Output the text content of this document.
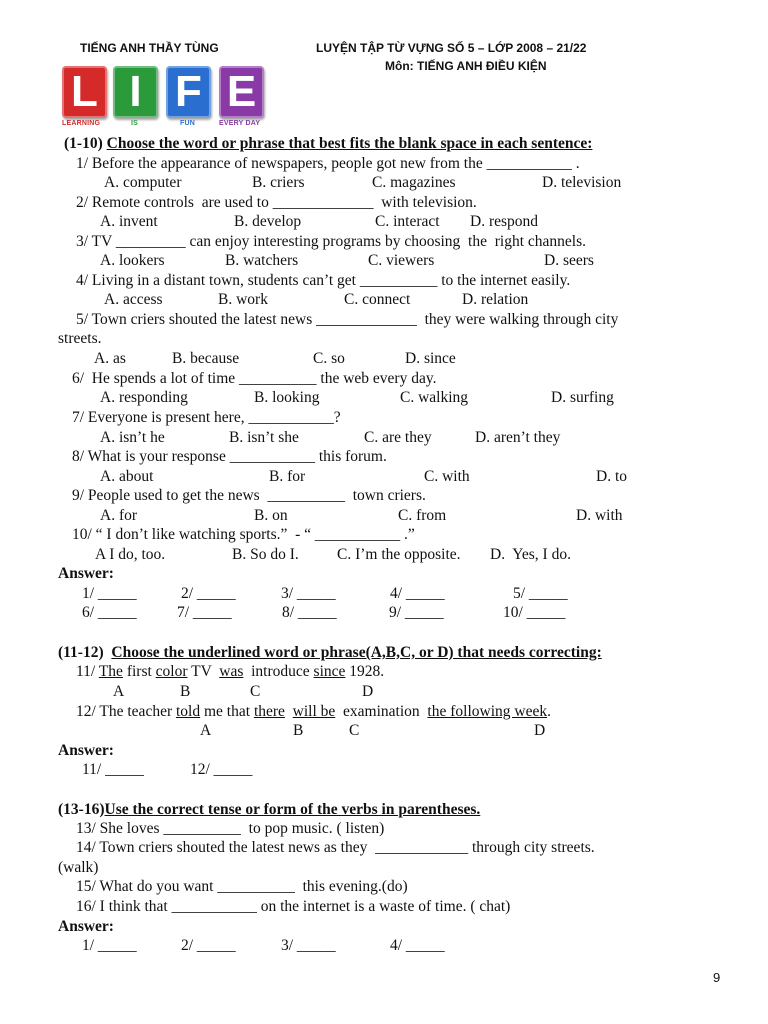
TIẾNG ANH THẦY TÙNG	LUYỆN TẬP TỪ VỰNG SỐ 5 – LỚP 2008 – 21/22
Môn: TIẾNG ANH ĐIỀU KIỆN
L I F E
LEARNING	IS	FUN	EVERY DAY
(1-10) Choose the word or phrase that best fits the blank space in each sentence:
1/ Before the appearance of newspapers, people got new from the ___________ .
A. computer	B. criers	C. magazines	D. television
2/ Remote controls  are used to _____________  with television.
A. invent	B. develop	C. interact D. respond
3/ TV _________ can enjoy interesting programs by choosing  the  right channels.
A. lookers	B. watchers	C. viewers	D. seers
4/ Living in a distant town, students can’t get __________ to the internet easily.
A. access	B. work	C. connect	D. relation
5/ Town criers shouted the latest news _____________  they were walking through city
streets.
A. as	B. because	C. so	D. since
6/  He spends a lot of time __________ the web every day.
A. responding	B. looking	C. walking	D. surfing
7/ Everyone is present here, ___________?
A. isn’t he	B. isn’t she	C. are they	D. aren’t they
8/ What is your response ___________ this forum.
A. about	B. for	C. with	D. to
9/ People used to get the news  __________  town criers.
A. for	B. on	C. from	D. with
10/ “ I don’t like watching sports.”  - “ ___________ .”
A I do, too.	B. So do I. C. I’m the opposite. D.  Yes, I do.
Answer:
1/ _____	2/ _____	3/ _____	4/ _____	5/ _____
6/ _____	7/ _____	8/ _____	9/ _____	10/ _____
(11-12) Choose the underlined word or phrase(A,B,C, or D) that needs correcting:
11/ The first color TV  was  introduce since 1928.
A	B	C	D
12/ The teacher told me that there will be  examination  the following week.
A	B	C	D
Answer:
11/ _____	12/ _____
(13-16)Use the correct tense or form of the verbs in parentheses.
13/ She loves __________  to pop music. ( listen)
14/ Town criers shouted the latest news as they  ____________ through city streets.
(walk)
15/ What do you want __________  this evening.(do)
16/ I think that ___________ on the internet is a waste of time. ( chat)
Answer:
1/ _____	2/ _____	3/ _____	4/ _____
9
